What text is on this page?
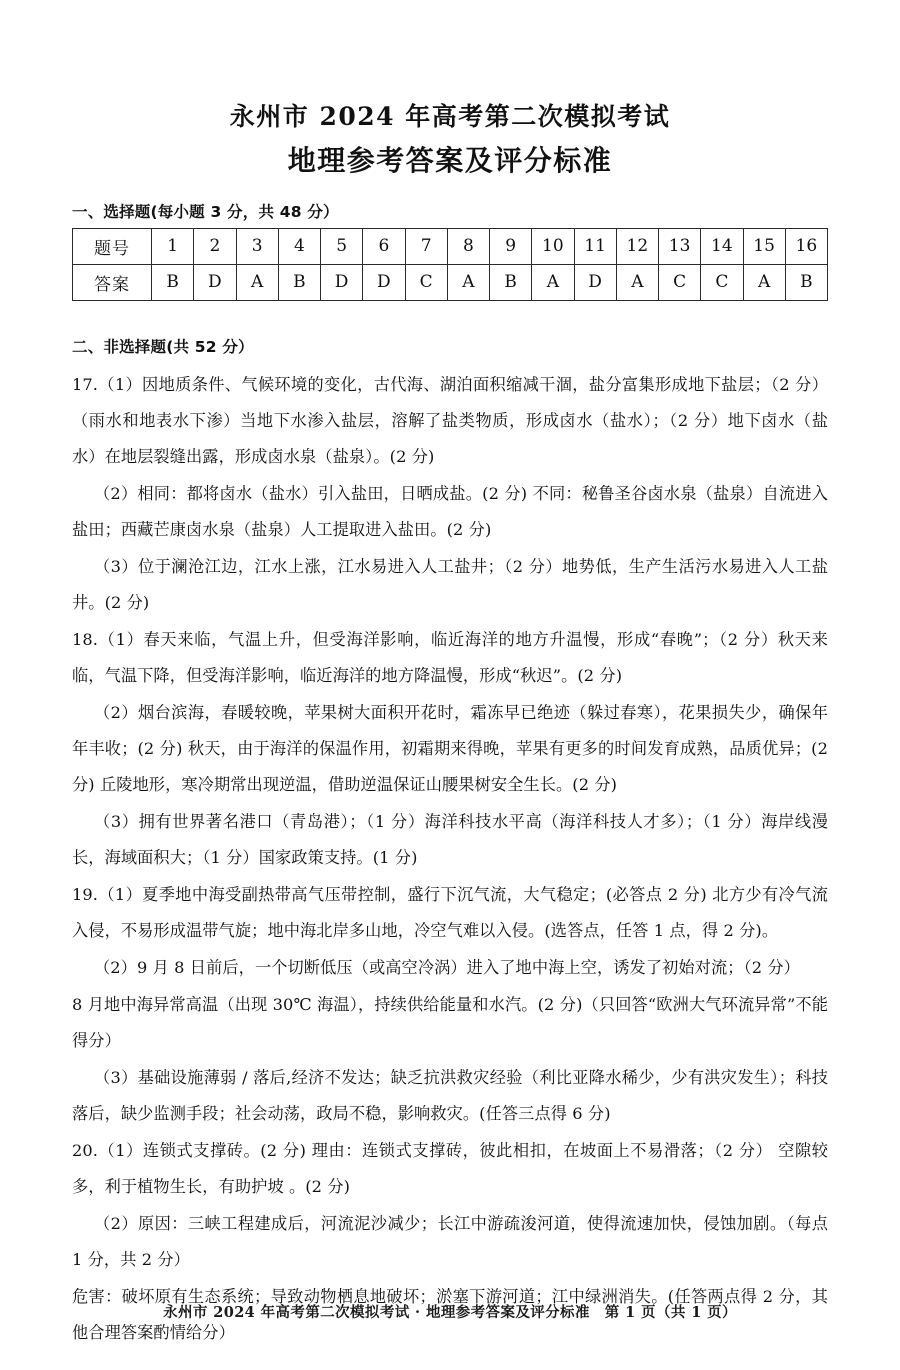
永州市 2024 年高考第二次模拟考试
地理参考答案及评分标准
一、选择题(每小题 3 分，共 48 分）
题号	1	2	3	4	5	6	7	8	9	10	11	12	13	14	15	16
答案	B	D	A	B	D	D	C	A	B	A	D	A	C	C	A	B
二、非选择题(共 52 分）

17.（1）因地质条件、气候环境的变化，古代海、湖泊面积缩减干涸，盐分富集形成地下盐层；（2 分）（雨水和地表水下渗）当地下水渗入盐层，溶解了盐类物质，形成卤水（盐水）；（2 分）地下卤水（盐水）在地层裂缝出露，形成卤水泉（盐泉）。(2 分)

（2）相同：都将卤水（盐水）引入盐田，日晒成盐。(2 分) 不同：秘鲁圣谷卤水泉（盐泉）自流进入盐田；西藏芒康卤水泉（盐泉）人工提取进入盐田。(2 分)

（3）位于澜沧江边，江水上涨，江水易进入人工盐井；（2 分）地势低，生产生活污水易进入人工盐井。(2 分)

18.（1）春天来临，气温上升，但受海洋影响，临近海洋的地方升温慢，形成“春晚”；（2 分）秋天来临，气温下降，但受海洋影响，临近海洋的地方降温慢，形成“秋迟”。(2 分)

（2）烟台滨海，春暖较晚，苹果树大面积开花时，霜冻早已绝迹（躲过春寒），花果损失少，确保年年丰收；(2 分) 秋天，由于海洋的保温作用，初霜期来得晚，苹果有更多的时间发育成熟，品质优异；(2 分) 丘陵地形，寒冷期常出现逆温，借助逆温保证山腰果树安全生长。(2 分)

（3）拥有世界著名港口（青岛港）；（1 分）海洋科技水平高（海洋科技人才多）；（1 分）海岸线漫长，海域面积大；（1 分）国家政策支持。(1 分)

19.（1）夏季地中海受副热带高气压带控制，盛行下沉气流，大气稳定；(必答点 2 分) 北方少有冷气流入侵，不易形成温带气旋；地中海北岸多山地，冷空气难以入侵。(选答点，任答 1 点，得 2 分)。

（2）9 月 8 日前后，一个切断低压（或高空冷涡）进入了地中海上空，诱发了初始对流；（2 分）

8 月地中海异常高温（出现 30℃ 海温），持续供给能量和水汽。(2 分)（只回答“欧洲大气环流异常”不能得分）

（3）基础设施薄弱 / 落后,经济不发达；缺乏抗洪救灾经验（利比亚降水稀少，少有洪灾发生）；科技落后，缺少监测手段；社会动荡，政局不稳，影响救灾。(任答三点得 6 分)

20.（1）连锁式支撑砖。(2 分) 理由：连锁式支撑砖，彼此相扣，在坡面上不易滑落；（2 分） 空隙较多，利于植物生长，有助护坡 。(2 分)

（2）原因：三峡工程建成后，河流泥沙减少；长江中游疏浚河道，使得流速加快，侵蚀加剧。（每点 1 分，共 2 分）

危害：破坏原有生态系统；导致动物栖息地破坏；淤塞下游河道；江中绿洲消失。(任答两点得 2 分，其他合理答案酌情给分）

永州市 2024 年高考第二次模拟考试 · 地理参考答案及评分标准　第 1 页（共 1 页）
